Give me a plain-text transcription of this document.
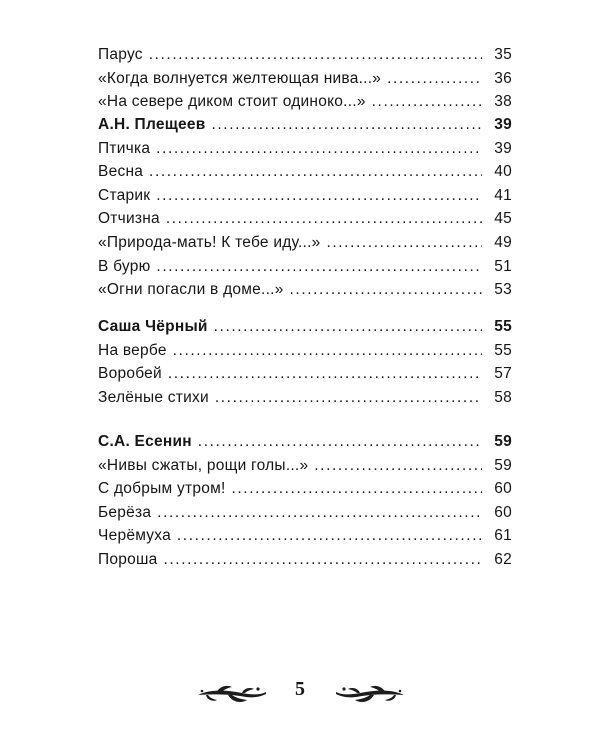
Парус .....	35
«Когда волнуется желтеющая нива...» .....	36
«На севере диком стоит одиноко...» .....	38
А.Н. Плещеев .....	39
Птичка .....	39
Весна .....	40
Старик .....	41
Отчизна .....	45
«Природа-мать! К тебе иду...» .....	49
В бурю .....	51
«Огни погасли в доме...» .....	53
Саша Чёрный .....	55
На вербе .....	55
Воробей .....	57
Зелёные стихи .....	58
С.А. Есенин .....	59
«Нивы сжаты, рощи голы...» .....	59
С добрым утром! .....	60
Берёза .....	60
Черёмуха .....	61
Пороша .....	62
5
